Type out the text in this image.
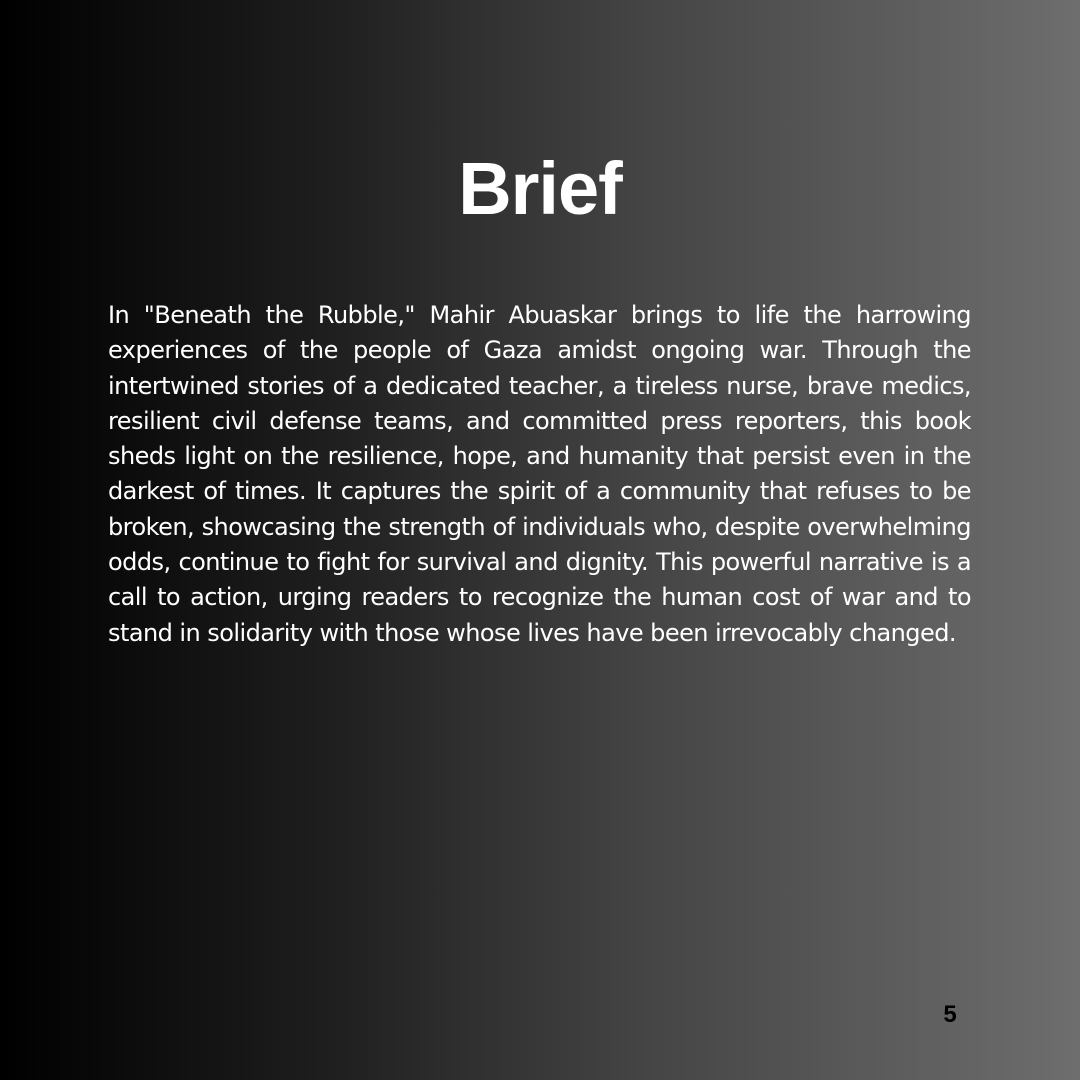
Brief

In "Beneath the Rubble," Mahir Abuaskar brings to life the harrowing experiences of the people of Gaza amidst ongoing war. Through the intertwined stories of a dedicated teacher, a tireless nurse, brave medics, resilient civil defense teams, and committed press reporters, this book sheds light on the resilience, hope, and humanity that persist even in the darkest of times. It captures the spirit of a community that refuses to be broken, showcasing the strength of individuals who, despite overwhelming odds, continue to fight for survival and dignity. This powerful narrative is a call to action, urging readers to recognize the human cost of war and to stand in solidarity with those whose lives have been irrevocably changed.

5
